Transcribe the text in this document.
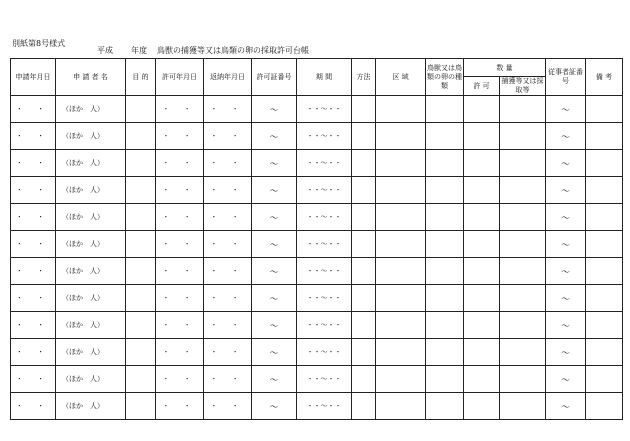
別紙第8号様式
平成 年度 鳥獣の捕獲等又は鳥類の卵の採取許可台帳
申請年月日	申 請 者 名	目 的	許可年月日	返納年月日	許可証番号	期 間	方法	区 域	鳥獣又は鳥類の卵の種類	数 量		従事者証番号	備 考
										許 可	捕獲等又は採取等		
・ ・	（ほか　人）		・ ・	・ ・	～	・・～・・						～	
・ ・	（ほか　人）		・ ・	・ ・	～	・・～・・						～	
・ ・	（ほか　人）		・ ・	・ ・	～	・・～・・						～	
・ ・	（ほか　人）		・ ・	・ ・	～	・・～・・						～	
・ ・	（ほか　人）		・ ・	・ ・	～	・・～・・						～	
・ ・	（ほか　人）		・ ・	・ ・	～	・・～・・						～	
・ ・	（ほか　人）		・ ・	・ ・	～	・・～・・						～	
・ ・	（ほか　人）		・ ・	・ ・	～	・・～・・						～	
・ ・	（ほか　人）		・ ・	・ ・	～	・・～・・						～	
・ ・	（ほか　人）		・ ・	・ ・	～	・・～・・						～	
・ ・	（ほか　人）		・ ・	・ ・	～	・・～・・						～	
・ ・	（ほか　人）		・ ・	・ ・	～	・・～・・						～	
